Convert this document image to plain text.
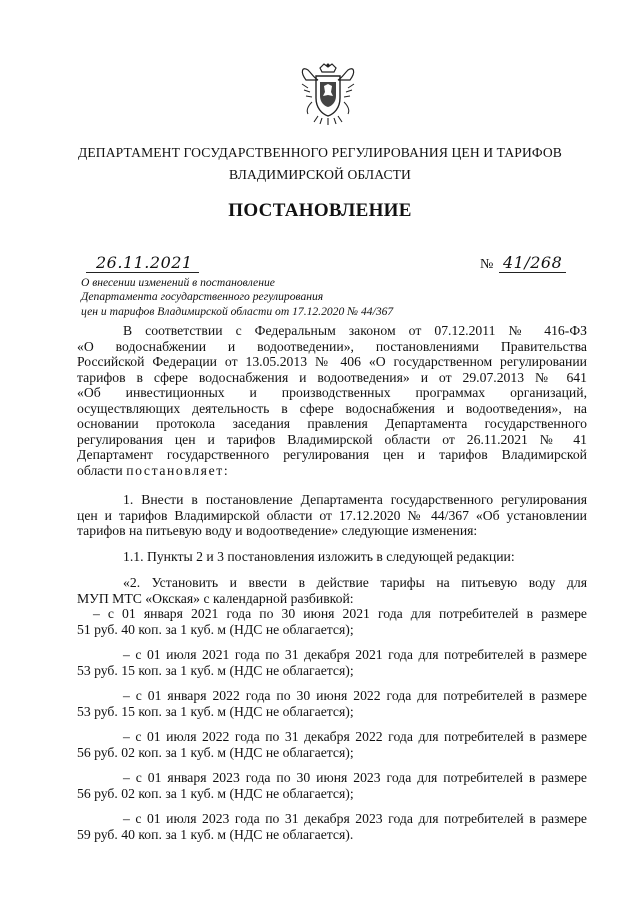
ДЕПАРТАМЕНТ ГОСУДАРСТВЕННОГО РЕГУЛИРОВАНИЯ ЦЕН И ТАРИФОВ
ВЛАДИМИРСКОЙ ОБЛАСТИ
ПОСТАНОВЛЕНИЕ
26.11.2021	№ 41/268
О внесении изменений в постановление
Департамента государственного регулирования
цен и тарифов Владимирской области от 17.12.2020 № 44/367
В соответствии с Федеральным законом от 07.12.2011 № 416-ФЗ
«О водоснабжении и водоотведении», постановлениями Правительства
Российской Федерации от 13.05.2013 № 406 «О государственном регулировании
тарифов в сфере водоснабжения и водоотведения» и от 29.07.2013 № 641
«Об инвестиционных и производственных программах организаций,
осуществляющих деятельность в сфере водоснабжения и водоотведения», на
основании протокола заседания правления Департамента государственного
регулирования цен и тарифов Владимирской области от 26.11.2021 № 41
Департамент государственного регулирования цен и тарифов Владимирской
области постановляет:
1. Внести в постановление Департамента государственного регулирования
цен и тарифов Владимирской области от 17.12.2020 № 44/367 «Об установлении
тарифов на питьевую воду и водоотведение» следующие изменения:
1.1. Пункты 2 и 3 постановления изложить в следующей редакции:
«2. Установить и ввести в действие тарифы на питьевую воду для
МУП МТС «Окская» с календарной разбивкой:
– с 01 января 2021 года по 30 июня 2021 года для потребителей в размере
51 руб. 40 коп. за 1 куб. м (НДС не облагается);
– с 01 июля 2021 года по 31 декабря 2021 года для потребителей в размере
53 руб. 15 коп. за 1 куб. м (НДС не облагается);
– с 01 января 2022 года по 30 июня 2022 года для потребителей в размере
53 руб. 15 коп. за 1 куб. м (НДС не облагается);
– с 01 июля 2022 года по 31 декабря 2022 года для потребителей в размере
56 руб. 02 коп. за 1 куб. м (НДС не облагается);
– с 01 января 2023 года по 30 июня 2023 года для потребителей в размере
56 руб. 02 коп. за 1 куб. м (НДС не облагается);
– с 01 июля 2023 года по 31 декабря 2023 года для потребителей в размере
59 руб. 40 коп. за 1 куб. м (НДС не облагается).
